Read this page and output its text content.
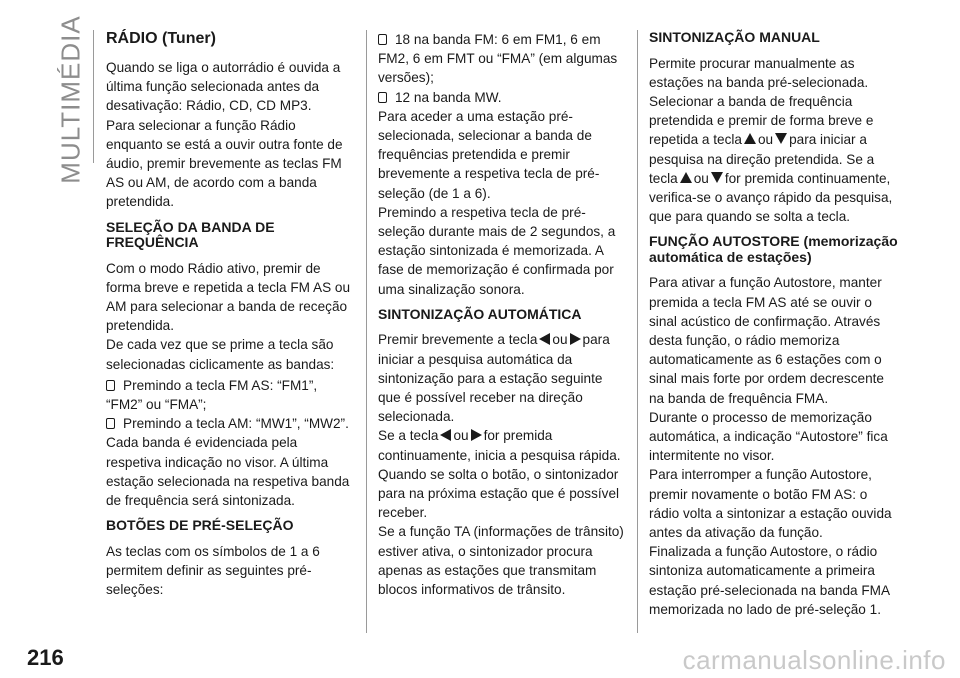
MULTIMÉDIA RÁDIO (Tuner)

Quando se liga o autorrádio é ouvida a última função selecionada antes da desativação: Rádio, CD, CD MP3.
Para selecionar a função Rádio enquanto se está a ouvir outra fonte de áudio, premir brevemente as teclas FM AS ou AM, de acordo com a banda pretendida.

SELEÇÃO DA BANDA DE FREQUÊNCIA

Com o modo Rádio ativo, premir de forma breve e repetida a tecla FM AS ou AM para selecionar a banda de receção pretendida.
De cada vez que se prime a tecla são selecionadas ciclicamente as bandas:

Premindo a tecla FM AS: “FM1”, “FM2” ou “FMA”;
Premindo a tecla AM: “MW1”, “MW2”.

Cada banda é evidenciada pela respetiva indicação no visor. A última estação selecionada na respetiva banda de frequência será sintonizada.

BOTÕES DE PRÉ-SELEÇÃO

As teclas com os símbolos de 1 a 6 permitem definir as seguintes pré-seleções:

18 na banda FM: 6 em FM1, 6 em FM2, 6 em FMT ou “FMA” (em algumas versões);
12 na banda MW.

Para aceder a uma estação pré-selecionada, selecionar a banda de frequências pretendida e premir brevemente a respetiva tecla de pré-seleção (de 1 a 6).
Premindo a respetiva tecla de pré-seleção durante mais de 2 segundos, a estação sintonizada é memorizada. A fase de memorização é confirmada por uma sinalização sonora.

SINTONIZAÇÃO AUTOMÁTICA

Premir brevemente a tecla ou para iniciar a pesquisa automática da sintonização para a estação seguinte que é possível receber na direção selecionada.
Se a tecla ou for premida continuamente, inicia a pesquisa rápida. Quando se solta o botão, o sintonizador para na próxima estação que é possível receber.
Se a função TA (informações de trânsito) estiver ativa, o sintonizador procura apenas as estações que transmitam blocos informativos de trânsito.

SINTONIZAÇÃO MANUAL

Permite procurar manualmente as estações na banda pré-selecionada. Selecionar a banda de frequência pretendida e premir de forma breve e repetida a tecla ou para iniciar a pesquisa na direção pretendida. Se a tecla ou for premida continuamente, verifica-se o avanço rápido da pesquisa, que para quando se solta a tecla.

FUNÇÃO AUTOSTORE (memorização automática de estações)

Para ativar a função Autostore, manter premida a tecla FM AS até se ouvir o sinal acústico de confirmação. Através desta função, o rádio memoriza automaticamente as 6 estações com o sinal mais forte por ordem decrescente na banda de frequência FMA.
Durante o processo de memorização automática, a indicação “Autostore” fica intermitente no visor.
Para interromper a função Autostore, premir novamente o botão FM AS: o rádio volta a sintonizar a estação ouvida antes da ativação da função.
Finalizada a função Autostore, o rádio sintoniza automaticamente a primeira estação pré-selecionada na banda FMA memorizada no lado de pré-seleção 1.

216	carmanualsonline.info
